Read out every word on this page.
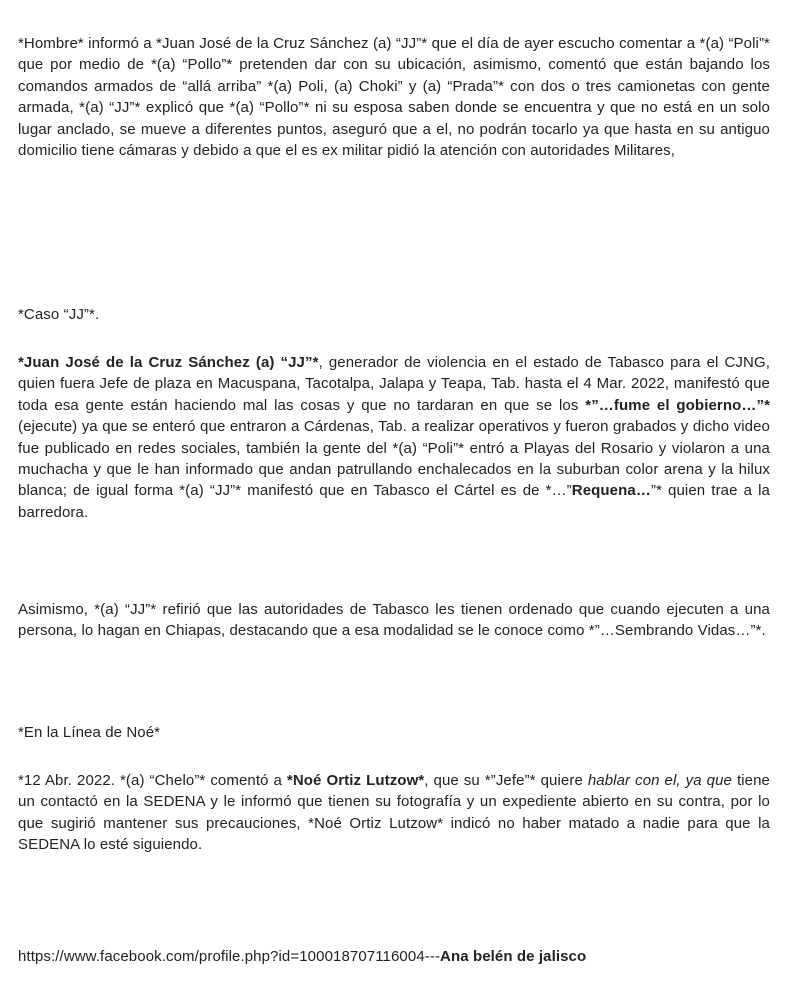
*Hombre* informó a *Juan José de la Cruz Sánchez (a) “JJ”* que el día de ayer escucho comentar a *(a) “Poli”* que por medio de *(a) “Pollo”* pretenden dar con su ubicación, asimismo, comentó que están bajando los comandos armados de “allá arriba” *(a) Poli, (a) Choki” y (a) “Prada”* con dos o tres camionetas con gente armada, *(a) “JJ”* explicó que *(a) “Pollo”* ni su esposa saben donde se encuentra y que no está en un solo lugar anclado, se mueve a diferentes puntos, aseguró que a el, no podrán tocarlo ya que hasta en su antiguo domicilio tiene cámaras y debido a que el es ex militar pidió la atención con autoridades Militares,

*Caso “JJ”*.

*Juan José de la Cruz Sánchez (a) “JJ”*, generador de violencia en el estado de Tabasco para el CJNG, quien fuera Jefe de plaza en Macuspana, Tacotalpa, Jalapa y Teapa, Tab. hasta el 4 Mar. 2022, manifestó que toda esa gente están haciendo mal las cosas y que no tardaran en que se los *”…fume el gobierno…”* (ejecute) ya que se enteró que entraron a Cárdenas, Tab. a realizar operativos y fueron grabados y dicho video fue publicado en redes sociales, también la gente del *(a) “Poli”* entró a Playas del Rosario y violaron a una muchacha y que le han informado que andan patrullando enchalecados en la suburban color arena y la hilux blanca; de igual forma *(a) “JJ”* manifestó que en Tabasco el Cártel es de *…”Requena…”* quien trae a la barredora.

Asimismo, *(a) “JJ”* refirió que las autoridades de Tabasco les tienen ordenado que cuando ejecuten a una persona, lo hagan en Chiapas, destacando que a esa modalidad se le conoce como *”…Sembrando Vidas…”*.

*En la Línea de Noé*

*12 Abr. 2022. *(a) “Chelo”* comentó a *Noé Ortiz Lutzow*, que su *”Jefe”* quiere hablar con el, ya que tiene un contactó en la SEDENA y le informó que tienen su fotografía y un expediente abierto en su contra, por lo que sugirió mantener sus precauciones, *Noé Ortiz Lutzow* indicó no haber matado a nadie para que la SEDENA lo esté siguiendo.

https://www.facebook.com/profile.php?id=100018707116004---Ana belén de jalisco
